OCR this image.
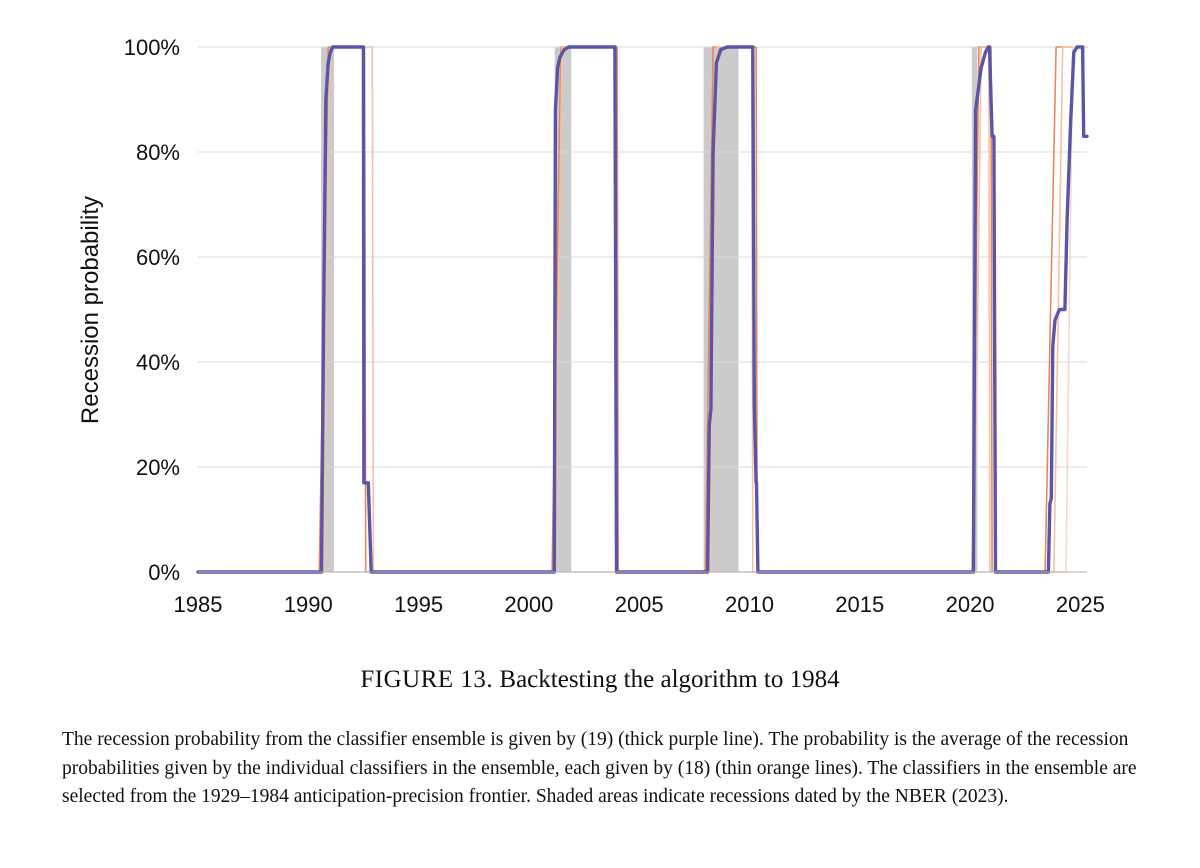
0%
20%
40%
60%
80%
100%
1985	1990	1995	2000	2005	2010	2015	2020	2025
Recession probability
FIGURE 13. Backtesting the algorithm to 1984
The recession probability from the classifier ensemble is given by (19) (thick purple line). The probability is the average of the recession probabilities given by the individual classifiers in the ensemble, each given by (18) (thin orange lines). The classifiers in the ensemble are selected from the 1929–1984 anticipation-precision frontier. Shaded areas indicate recessions dated by the NBER (2023).
